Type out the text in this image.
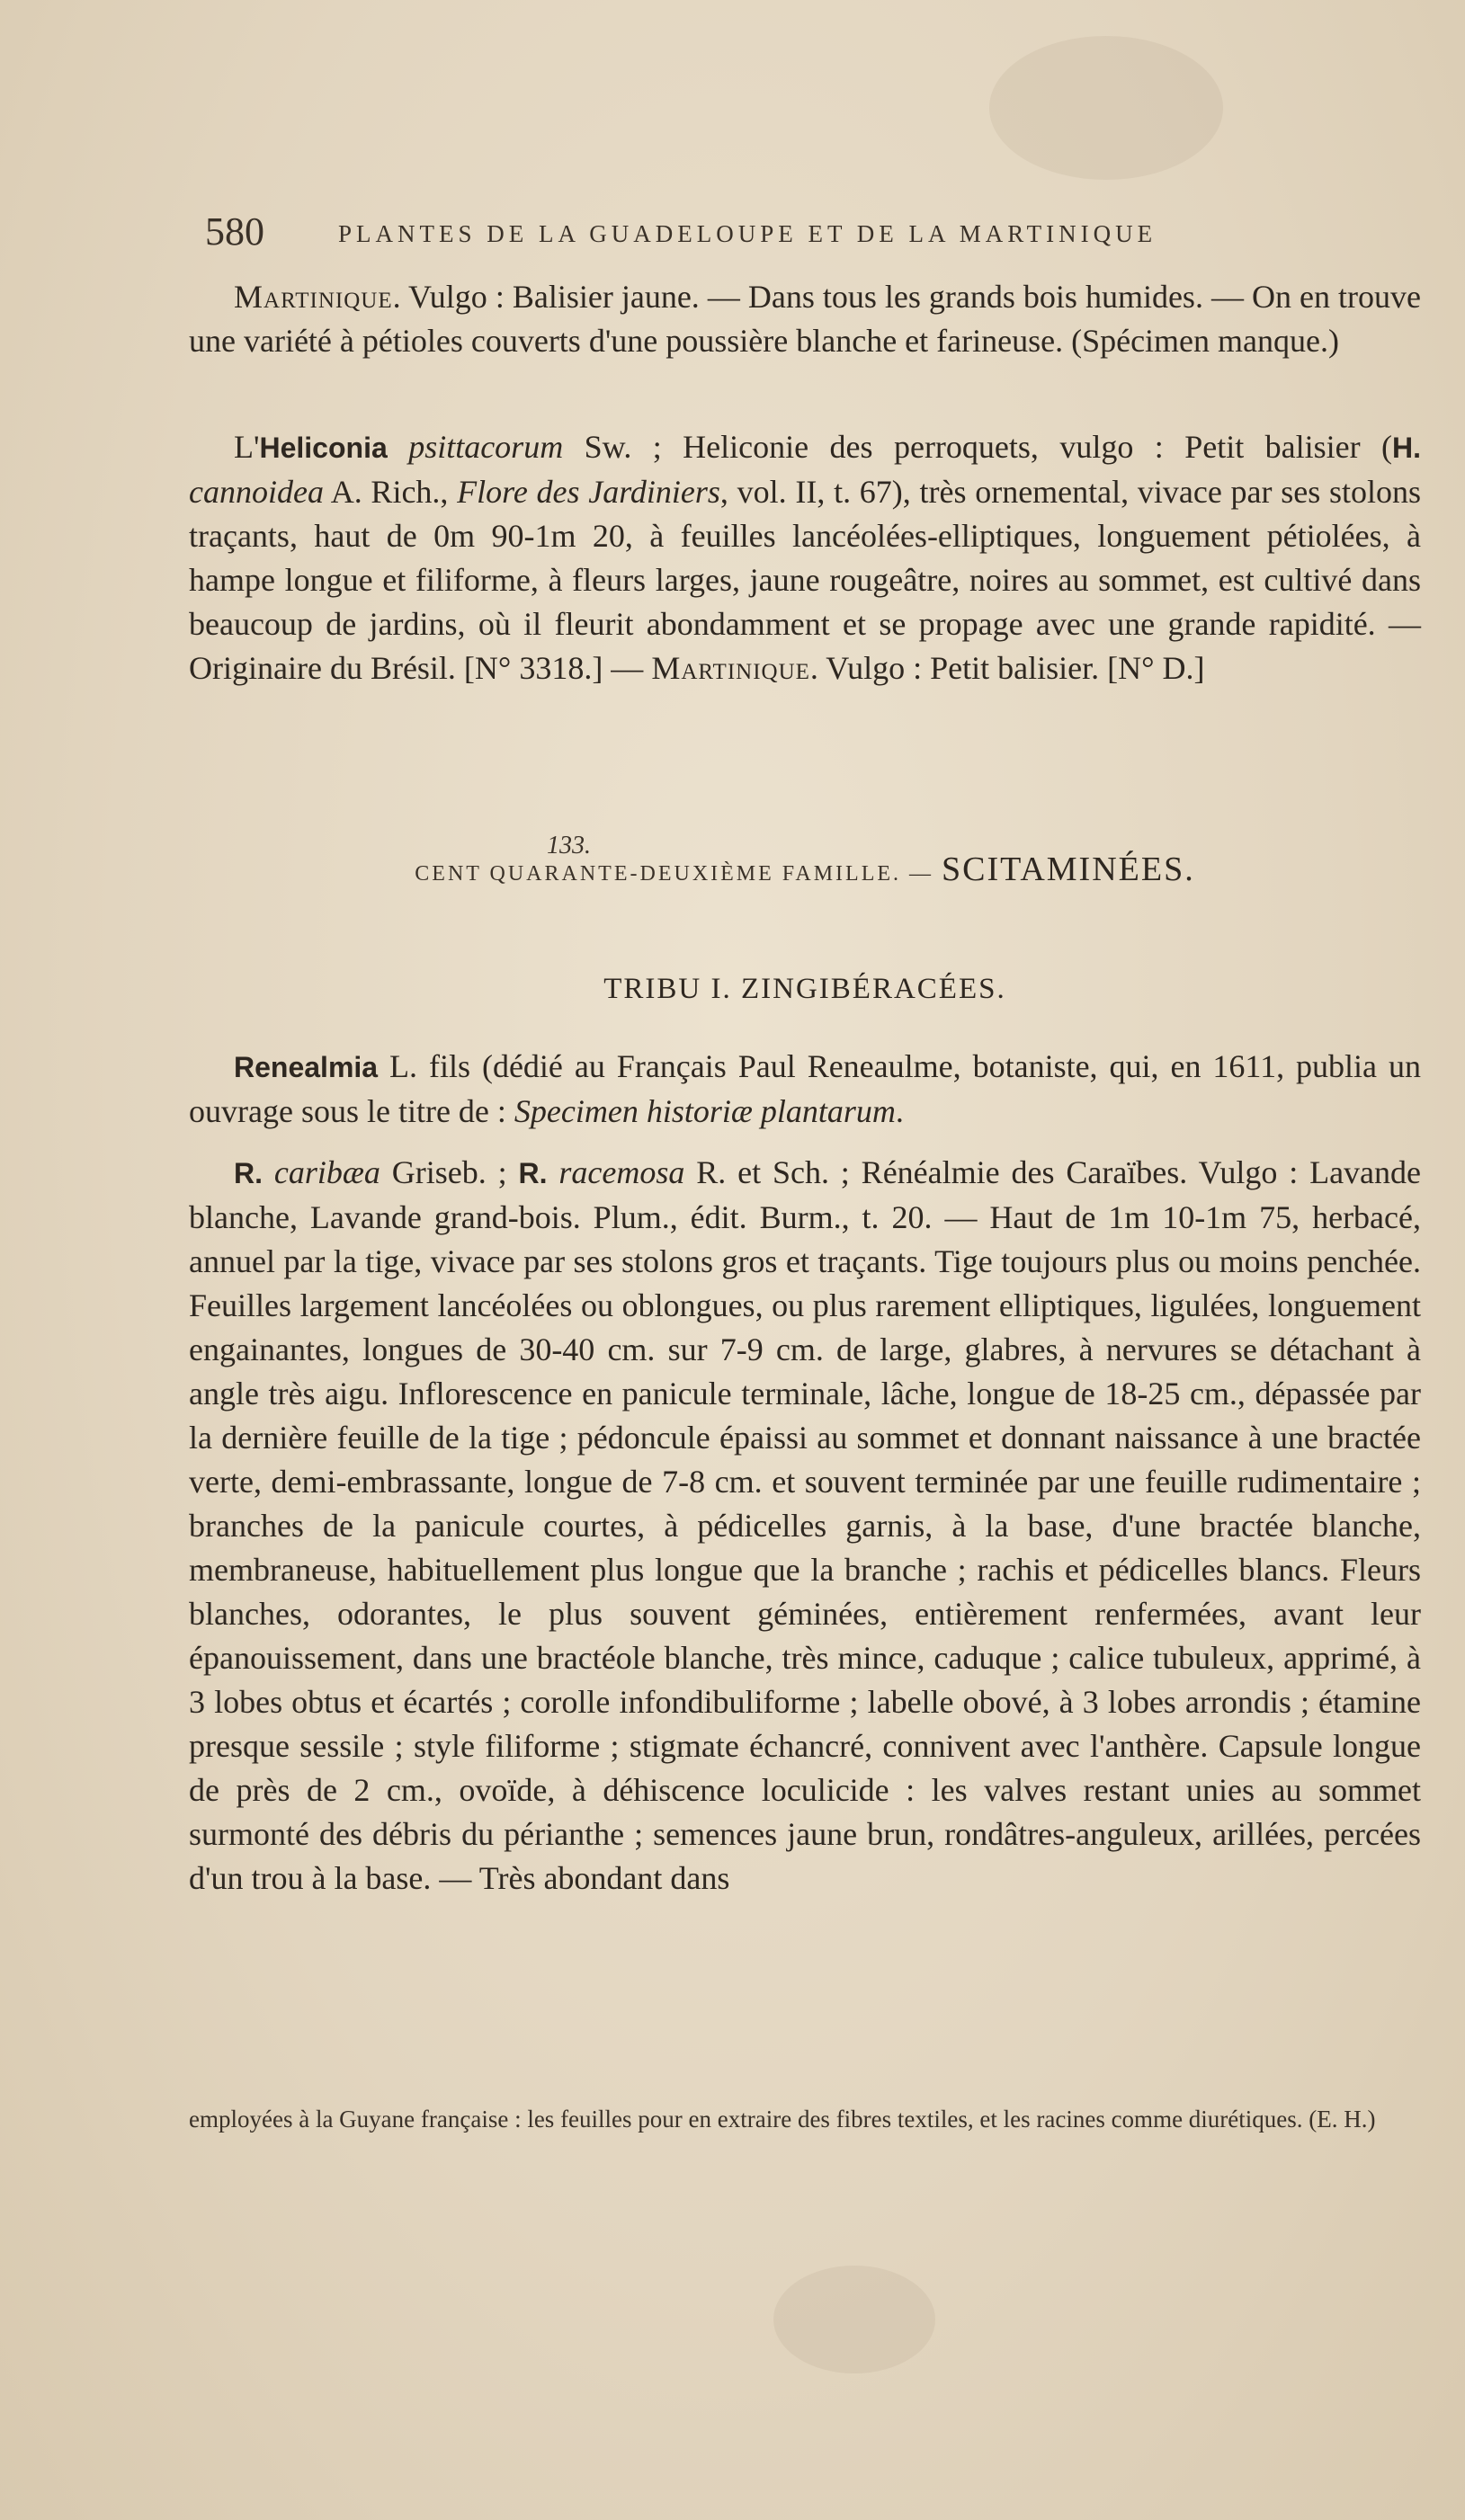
580	PLANTES DE LA GUADELOUPE ET DE LA MARTINIQUE
Martinique. Vulgo : Balisier jaune. — Dans tous les grands bois humides. — On en trouve une variété à pétioles couverts d'une poussière blanche et farineuse. (Spécimen manque.)
L'Heliconia psittacorum Sw. ; Heliconie des perroquets, vulgo : Petit balisier (H. cannoidea A. Rich., Flore des Jardiniers, vol. II, t. 67), très ornemental, vivace par ses stolons traçants, haut de 0m 90-1m 20, à feuilles lancéolées-elliptiques, longuement pétiolées, à hampe longue et filiforme, à fleurs larges, jaune rougeâtre, noires au sommet, est cultivé dans beaucoup de jardins, où il fleurit abondamment et se propage avec une grande rapidité. — Originaire du Brésil. [N° 3318.] — Martinique. Vulgo : Petit balisier. [N° D.]
133.
CENT QUARANTE-DEUXIÈME FAMILLE. — SCITAMINÉES.
TRIBU I. ZINGIBÉRACÉES.
Renealmia L. fils (dédié au Français Paul Reneaulme, botaniste, qui, en 1611, publia un ouvrage sous le titre de : Specimen historiæ plantarum.
R. caribæa Griseb. ; R. racemosa R. et Sch. ; Rénéalmie des Caraïbes. Vulgo : Lavande blanche, Lavande grand-bois. Plum., édit. Burm., t. 20. — Haut de 1m 10-1m 75, herbacé, annuel par la tige, vivace par ses stolons gros et traçants. Tige toujours plus ou moins penchée. Feuilles largement lancéolées ou oblongues, ou plus rarement elliptiques, ligulées, longuement engainantes, longues de 30-40 cm. sur 7-9 cm. de large, glabres, à nervures se détachant à angle très aigu. Inflorescence en panicule terminale, lâche, longue de 18-25 cm., dépassée par la dernière feuille de la tige ; pédoncule épaissi au sommet et donnant naissance à une bractée verte, demi-embrassante, longue de 7-8 cm. et souvent terminée par une feuille rudimentaire ; branches de la panicule courtes, à pédicelles garnis, à la base, d'une bractée blanche, membraneuse, habituellement plus longue que la branche ; rachis et pédicelles blancs. Fleurs blanches, odorantes, le plus souvent géminées, entièrement renfermées, avant leur épanouissement, dans une bractéole blanche, très mince, caduque ; calice tubuleux, apprimé, à 3 lobes obtus et écartés ; corolle infondibuliforme ; labelle obové, à 3 lobes arrondis ; étamine presque sessile ; style filiforme ; stigmate échancré, connivent avec l'anthère. Capsule longue de près de 2 cm., ovoïde, à déhiscence loculicide : les valves restant unies au sommet surmonté des débris du périanthe ; semences jaune brun, rondâtres-anguleux, arillées, percées d'un trou à la base. — Très abondant dans
employées à la Guyane française : les feuilles pour en extraire des fibres textiles, et les racines comme diurétiques. (E. H.)
